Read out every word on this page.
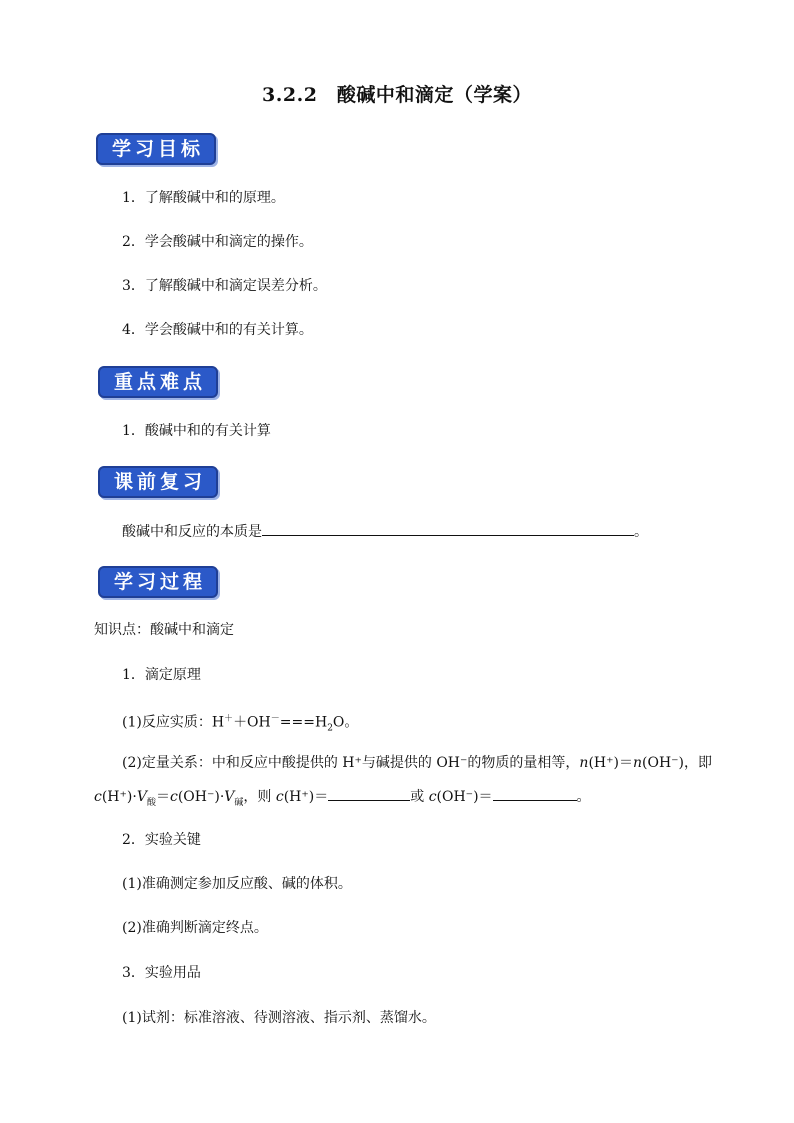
3.2.2　酸碱中和滴定（学案）
学习目标
1．了解酸碱中和的原理。
2．学会酸碱中和滴定的操作。
3．了解酸碱中和滴定误差分析。
4．学会酸碱中和的有关计算。
重点难点
1．酸碱中和的有关计算
课前复习
酸碱中和反应的本质是	。
学习过程
知识点：酸碱中和滴定
1．滴定原理
(1)反应实质：$H^++OH^-===H_2O$。
(2)定量关系：中和反应中酸提供的 H⁺与碱提供的 OH⁻的物质的量相等，n(H⁺)＝n(OH⁻)，即
$c(H^+)\cdot V_酸=c(OH^-)\cdot V_碱$，则 c(H⁺)＝	或 c(OH⁻)＝	。
2．实验关键
(1)准确测定参加反应酸、碱的体积。
(2)准确判断滴定终点。
3．实验用品
(1)试剂：标准溶液、待测溶液、指示剂、蒸馏水。
